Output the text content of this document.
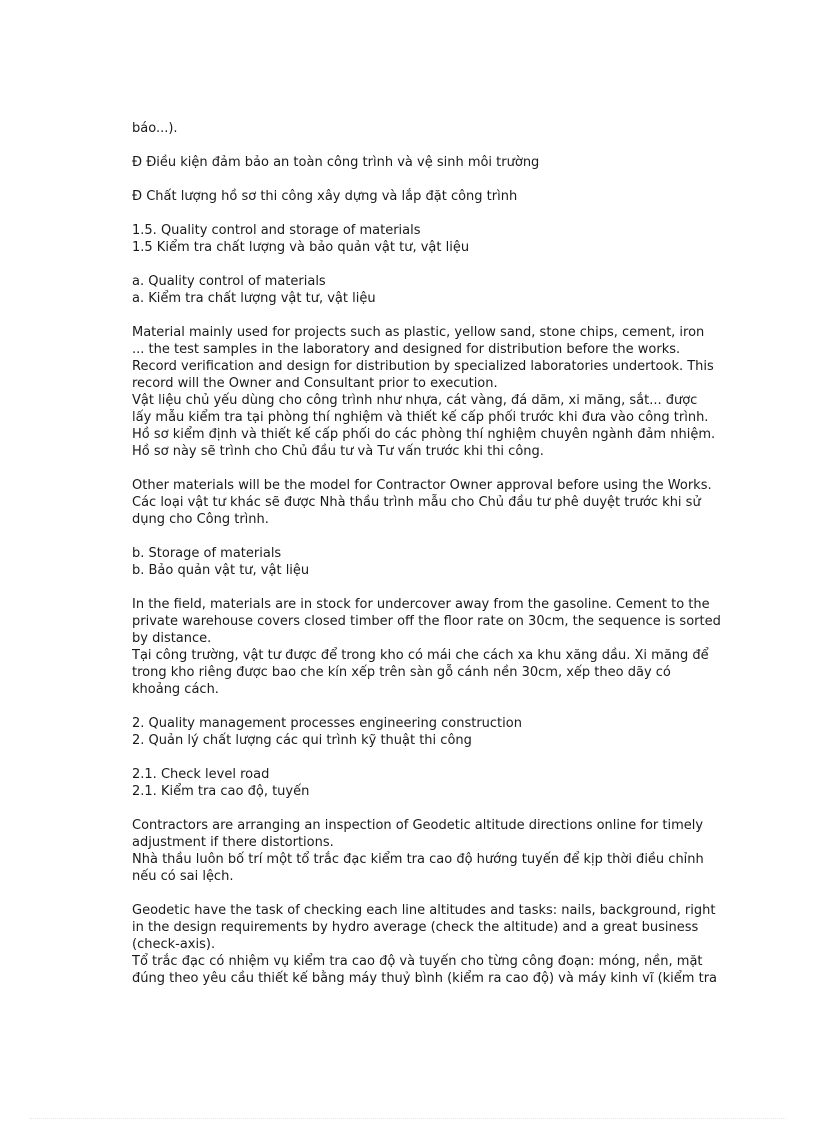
báo...).
Đ Điều kiện đảm bảo an toàn công trình và vệ sinh môi trường
Đ Chất lượng hồ sơ thi công xây dựng và lắp đặt công trình
1.5. Quality control and storage of materials
1.5 Kiểm tra chất lượng và bảo quản vật tư, vật liệu
a. Quality control of materials
a. Kiểm tra chất lượng vật tư, vật liệu
Material mainly used for projects such as plastic, yellow sand, stone chips, cement, iron
... the test samples in the laboratory and designed for distribution before the works.
Record verification and design for distribution by specialized laboratories undertook. This
record will the Owner and Consultant prior to execution.
Vật liệu chủ yếu dùng cho công trình như nhựa, cát vàng, đá dăm, xi măng, sắt... được
lấy mẫu kiểm tra tại phòng thí nghiệm và thiết kế cấp phối trước khi đưa vào công trình.
Hồ sơ kiểm định và thiết kế cấp phối do các phòng thí nghiệm chuyên ngành đảm nhiệm.
Hồ sơ này sẽ trình cho Chủ đầu tư và Tư vấn trước khi thi công.
Other materials will be the model for Contractor Owner approval before using the Works.
Các loại vật tư khác sẽ được Nhà thầu trình mẫu cho Chủ đầu tư phê duyệt trước khi sử
dụng cho Công trình.
b. Storage of materials
b. Bảo quản vật tư, vật liệu
In the field, materials are in stock for undercover away from the gasoline. Cement to the
private warehouse covers closed timber off the floor rate on 30cm, the sequence is sorted
by distance.
Tại công trường, vật tư được để trong kho có mái che cách xa khu xăng dầu. Xi măng để
trong kho riêng được bao che kín xếp trên sàn gỗ cánh nền 30cm, xếp theo dãy có
khoảng cách.
2. Quality management processes engineering construction
2. Quản lý chất lượng các qui trình kỹ thuật thi công
2.1. Check level road
2.1. Kiểm tra cao độ, tuyến
Contractors are arranging an inspection of Geodetic altitude directions online for timely
adjustment if there distortions.
Nhà thầu luôn bố trí một tổ trắc đạc kiểm tra cao độ hướng tuyến để kịp thời điều chỉnh
nếu có sai lệch.
Geodetic have the task of checking each line altitudes and tasks: nails, background, right
in the design requirements by hydro average (check the altitude) and a great business
(check-axis).
Tổ trắc đạc có nhiệm vụ kiểm tra cao độ và tuyến cho từng công đoạn: móng, nền, mặt
đúng theo yêu cầu thiết kế bằng máy thuỷ bình (kiểm ra cao độ) và máy kinh vĩ (kiểm tra
